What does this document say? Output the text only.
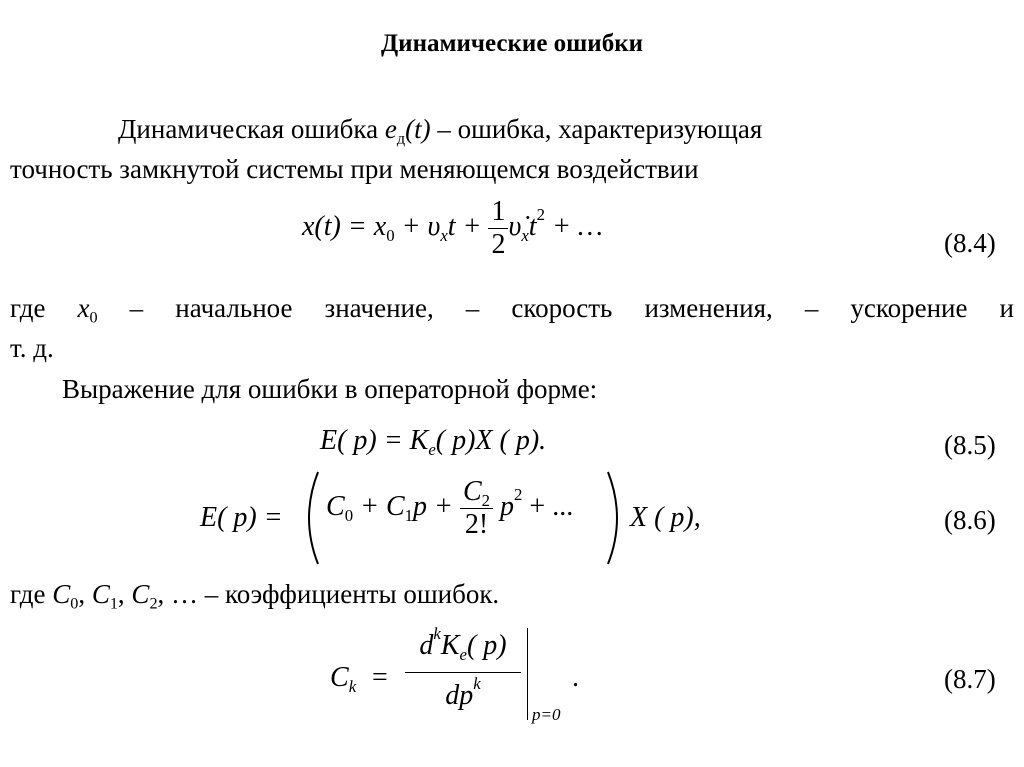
Динамические ошибки
Динамическая ошибка $e_д(t)$ – ошибка, характеризующая
точность замкнутой системы при меняющемся воздействии
$x(t) = x_0 + \upsilon_xt + \frac{1}{2}$ $\upsiloṅ_xt^2$ + …
(8.4)
где $x_0$ – начальное значение, – скорость изменения, – ускорение и
т. д.
Выражение для ошибки в операторной форме:
E( $p) = K_e$( p)X ( p).	(8.5)
E( $p) = C_0 + C_1p + \frac{C_2}{2!} p^2$ + ... X ( p),	(8.6)
где $C_0$, $C_1$, $C_2$, … – коэффициенты ошибок.
$C_k$ =
$d^kK_e$( p)
$dp^k$
p=0
.	(8.7)
